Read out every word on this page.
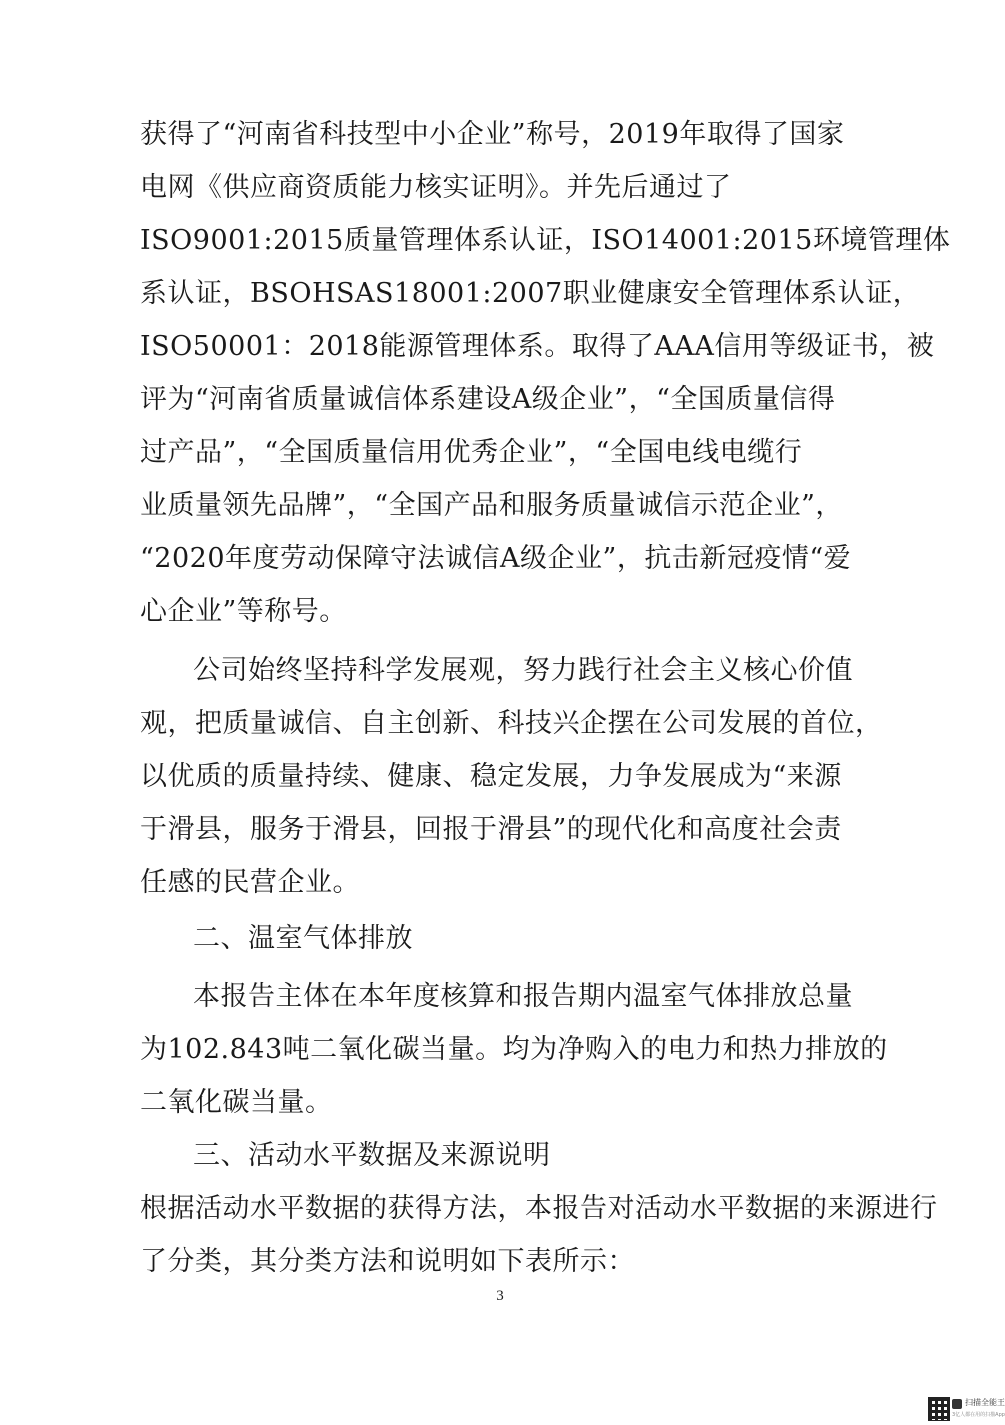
获得了“河南省科技型中小企业”称号，2019年取得了国家
电网《供应商资质能力核实证明》。并先后通过了
ISO9001:2015质量管理体系认证，ISO14001:2015环境管理体
系认证，BSOHSAS18001:2007职业健康安全管理体系认证，
ISO50001：2018能源管理体系。取得了AAA信用等级证书，被
评为“河南省质量诚信体系建设A级企业”，“全国质量信得
过产品”，“全国质量信用优秀企业”，“全国电线电缆行
业质量领先品牌”，“全国产品和服务质量诚信示范企业”，
“2020年度劳动保障守法诚信A级企业”，抗击新冠疫情“爱
心企业”等称号。
公司始终坚持科学发展观，努力践行社会主义核心价值
观，把质量诚信、自主创新、科技兴企摆在公司发展的首位，
以优质的质量持续、健康、稳定发展，力争发展成为“来源
于滑县，服务于滑县，回报于滑县”的现代化和高度社会责
任感的民营企业。
二、温室气体排放
本报告主体在本年度核算和报告期内温室气体排放总量
为102.843吨二氧化碳当量。均为净购入的电力和热力排放的
二氧化碳当量。
三、活动水平数据及来源说明
根据活动水平数据的获得方法，本报告对活动水平数据的来源进行
了分类，其分类方法和说明如下表所示：
3
扫描全能王
3亿人都在用的扫描App
